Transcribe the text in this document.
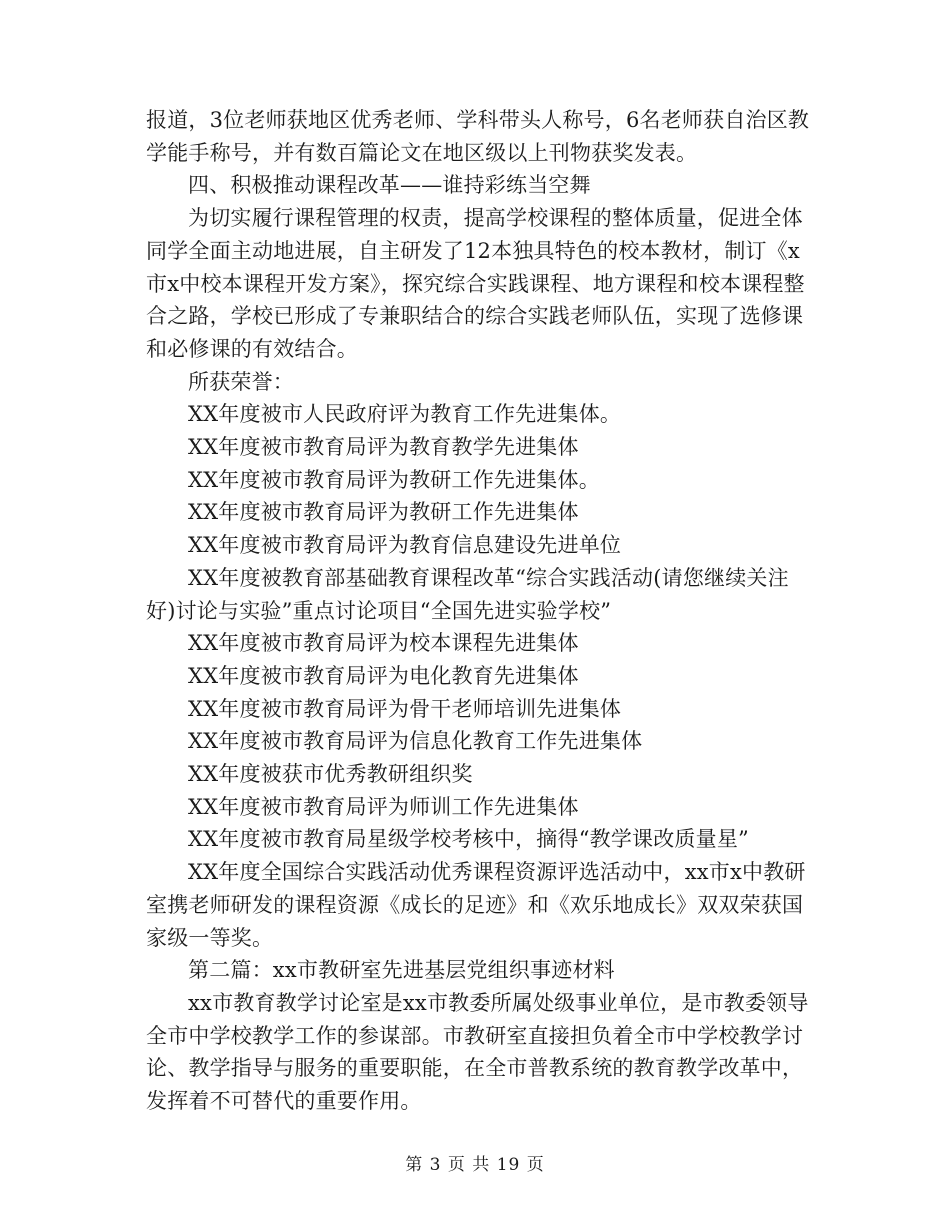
报道，3位老师获地区优秀老师、学科带头人称号，6名老师获自治区教学能手称号，并有数百篇论文在地区级以上刊物获奖发表。

四、积极推动课程改革——谁持彩练当空舞

为切实履行课程管理的权责，提高学校课程的整体质量，促进全体同学全面主动地进展，自主研发了12本独具特色的校本教材，制订《x市x中校本课程开发方案》，探究综合实践课程、地方课程和校本课程整合之路，学校已形成了专兼职结合的综合实践老师队伍，实现了选修课和必修课的有效结合。

所获荣誉：

XX年度被市人民政府评为教育工作先进集体。

XX年度被市教育局评为教育教学先进集体

XX年度被市教育局评为教研工作先进集体。

XX年度被市教育局评为教研工作先进集体

XX年度被市教育局评为教育信息建设先进单位

XX年度被教育部基础教育课程改革“综合实践活动(请您继续关注好)讨论与实验”重点讨论项目“全国先进实验学校”

XX年度被市教育局评为校本课程先进集体

XX年度被市教育局评为电化教育先进集体

XX年度被市教育局评为骨干老师培训先进集体

XX年度被市教育局评为信息化教育工作先进集体

XX年度被获市优秀教研组织奖

XX年度被市教育局评为师训工作先进集体

XX年度被市教育局星级学校考核中，摘得“教学课改质量星”

XX年度全国综合实践活动优秀课程资源评选活动中，xx市x中教研室携老师研发的课程资源《成长的足迹》和《欢乐地成长》双双荣获国家级一等奖。

第二篇：xx市教研室先进基层党组织事迹材料

xx市教育教学讨论室是xx市教委所属处级事业单位，是市教委领导全市中学校教学工作的参谋部。市教研室直接担负着全市中学校教学讨论、教学指导与服务的重要职能，在全市普教系统的教育教学改革中，发挥着不可替代的重要作用。

第 3 页 共 19 页
